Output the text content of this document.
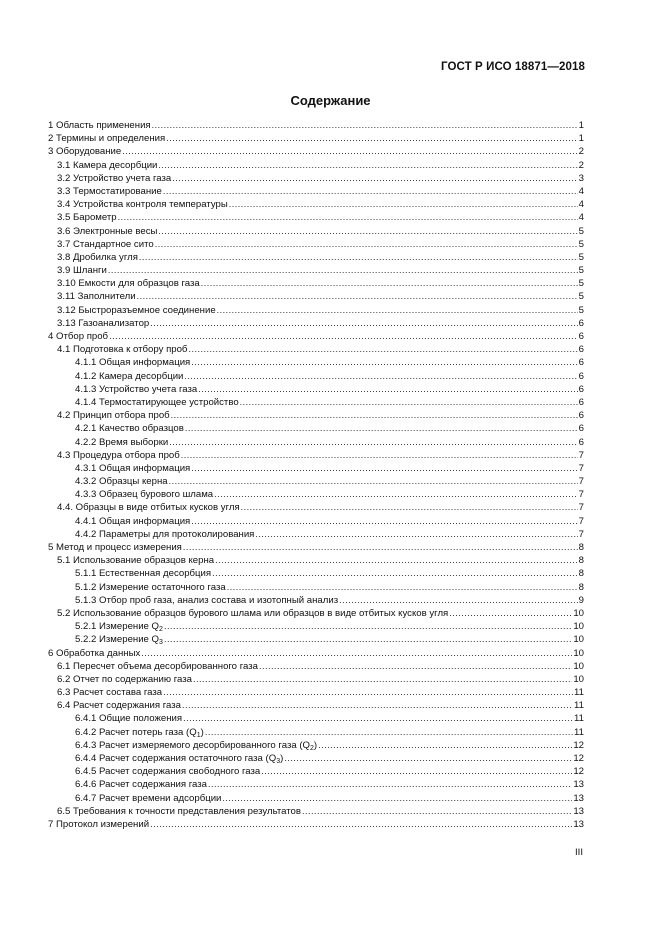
ГОСТ Р ИСО 18871—2018
Содержание
1 Область применения .....	1
2 Термины и определения .....	1
3 Оборудование .....	2
3.1 Камера десорбции .....	2
3.2 Устройство учета газа .....	3
3.3 Термостатирование .....	4
3.4 Устройства контроля температуры .....	4
3.5 Барометр .....	4
3.6 Электронные весы .....	5
3.7 Стандартное сито .....	5
3.8 Дробилка угля .....	5
3.9 Шланги .....	5
3.10 Емкости для образцов газа .....	5
3.11 Заполнители .....	5
3.12 Быстроразъемное соединение .....	5
3.13 Газоанализатор .....	6
4 Отбор проб .....	6
4.1 Подготовка к отбору проб .....	6
4.1.1 Общая информация .....	6
4.1.2 Камера десорбции .....	6
4.1.3 Устройство учета газа .....	6
4.1.4 Термостатирующее устройство .....	6
4.2 Принцип отбора проб .....	6
4.2.1 Качество образцов .....	6
4.2.2 Время выборки .....	6
4.3 Процедура отбора проб .....	7
4.3.1 Общая информация .....	7
4.3.2 Образцы керна .....	7
4.3.3 Образец бурового шлама .....	7
4.4. Образцы в виде отбитых кусков угля .....	7
4.4.1 Общая информация .....	7
4.4.2 Параметры для протоколирования .....	7
5 Метод и процесс измерения .....	8
5.1 Использование образцов керна .....	8
5.1.1 Естественная десорбция .....	8
5.1.2 Измерение остаточного газа .....	8
5.1.3 Отбор проб газа, анализ состава и изотопный анализ .....	9
5.2 Использование образцов бурового шлама или образцов в виде отбитых кусков угля .....	10
5.2.1 Измерение $Q_2$ .....	10
5.2.2 Измерение $Q_3$ .....	10
6 Обработка данных .....	10
6.1 Пересчет объема десорбированного газа .....	10
6.2 Отчет по содержанию газа .....	10
6.3 Расчет состава газа .....	11
6.4 Расчет содержания газа .....	11
6.4.1 Общие положения .....	11
6.4.2 Расчет потерь газа $(Q_1)$ .....	11
6.4.3 Расчет измеряемого десорбированного газа $(Q_2)$ .....	12
6.4.4 Расчет содержания остаточного газа $(Q_3)$ .....	12
6.4.5 Расчет содержания свободного газа .....	12
6.4.6 Расчет содержания газа .....	13
6.4.7 Расчет времени адсорбции .....	13
6.5 Требования к точности представления результатов .....	13
7 Протокол измерений .....	13
III
